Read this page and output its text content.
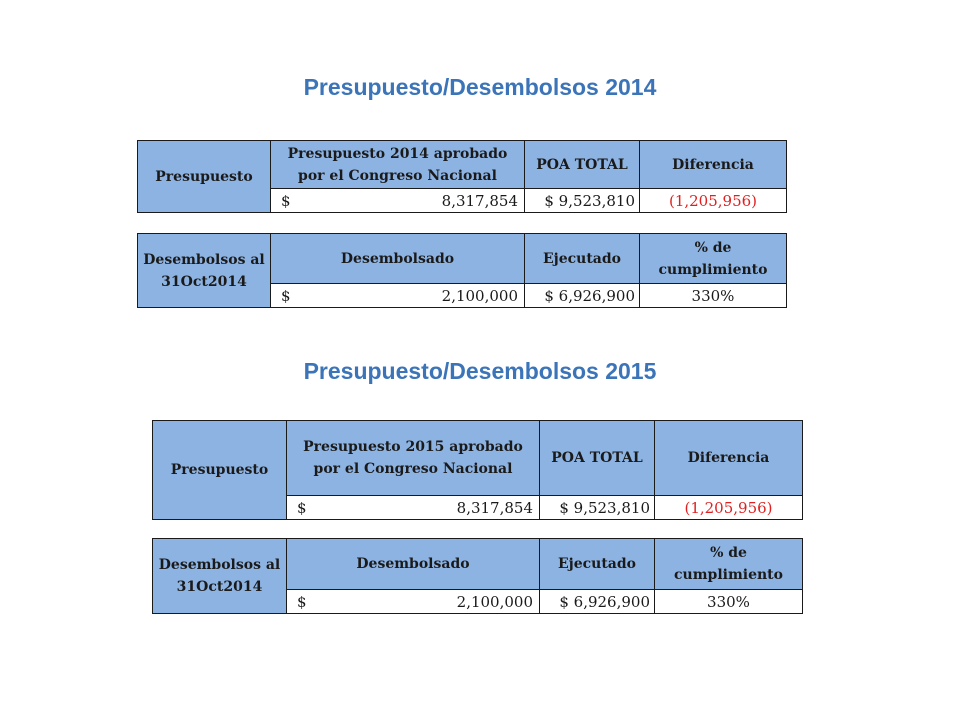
Presupuesto/Desembolsos 2014
Presupuesto	Presupuesto 2014 aprobado por el Congreso Nacional	POA TOTAL	Diferencia

	$ 8,317,854	$ 9,523,810	(1,205,956)
Desembolsos al 31Oct2014	Desembolsado	Ejecutado	% de cumplimiento

	$ 2,100,000	$ 6,926,900	330%
Presupuesto/Desembolsos 2015
Presupuesto	Presupuesto 2015 aprobado por el Congreso Nacional	POA TOTAL	Diferencia

	$ 8,317,854	$ 9,523,810	(1,205,956)
Desembolsos al 31Oct2014	Desembolsado	Ejecutado	% de cumplimiento

	$ 2,100,000	$ 6,926,900	330%
